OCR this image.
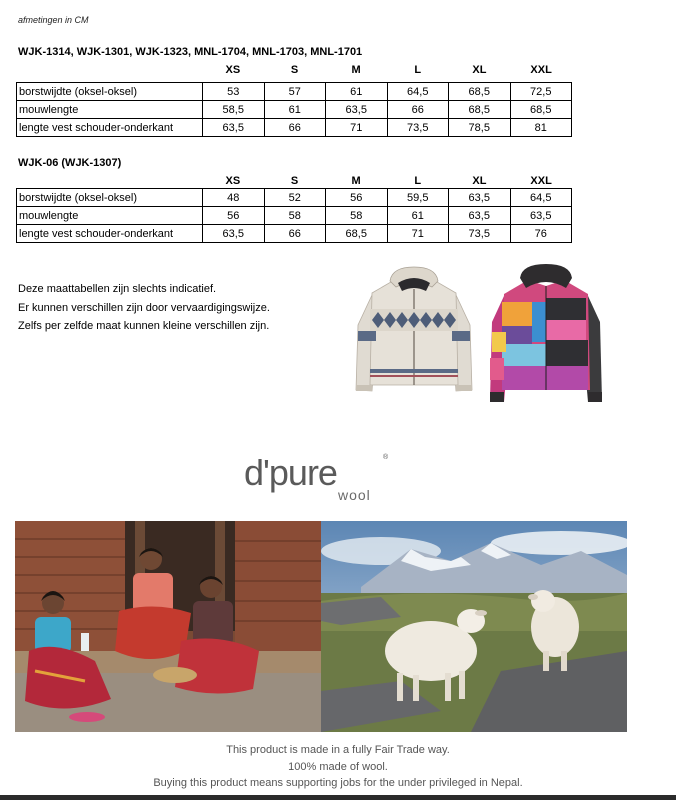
afmetingen in CM
WJK-1314, WJK-1301, WJK-1323, MNL-1704, MNL-1703, MNL-1701
XS	S	M	L	XL	XXL
borstwijdte (oksel-oksel)	53	57	61	64,5	68,5	72,5
mouwlengte	58,5	61	63,5	66	68,5	68,5
lengte vest schouder-onderkant	63,5	66	71	73,5	78,5	81
WJK-06 (WJK-1307)
XS	S	M	L	XL	XXL
borstwijdte (oksel-oksel)	48	52	56	59,5	63,5	64,5
mouwlengte	56	58	58	61	63,5	63,5
lengte vest schouder-onderkant	63,5	66	68,5	71	73,5	76
Deze maattabellen zijn slechts indicatief.
Er kunnen verschillen zijn door vervaardigingswijze.
Zelfs per zelfde maat kunnen kleine verschillen zijn.
d'pure	®
wool
This product is made in a fully Fair Trade way.
100% made of wool.
Buying this product means supporting jobs for the under privileged in Nepal.
